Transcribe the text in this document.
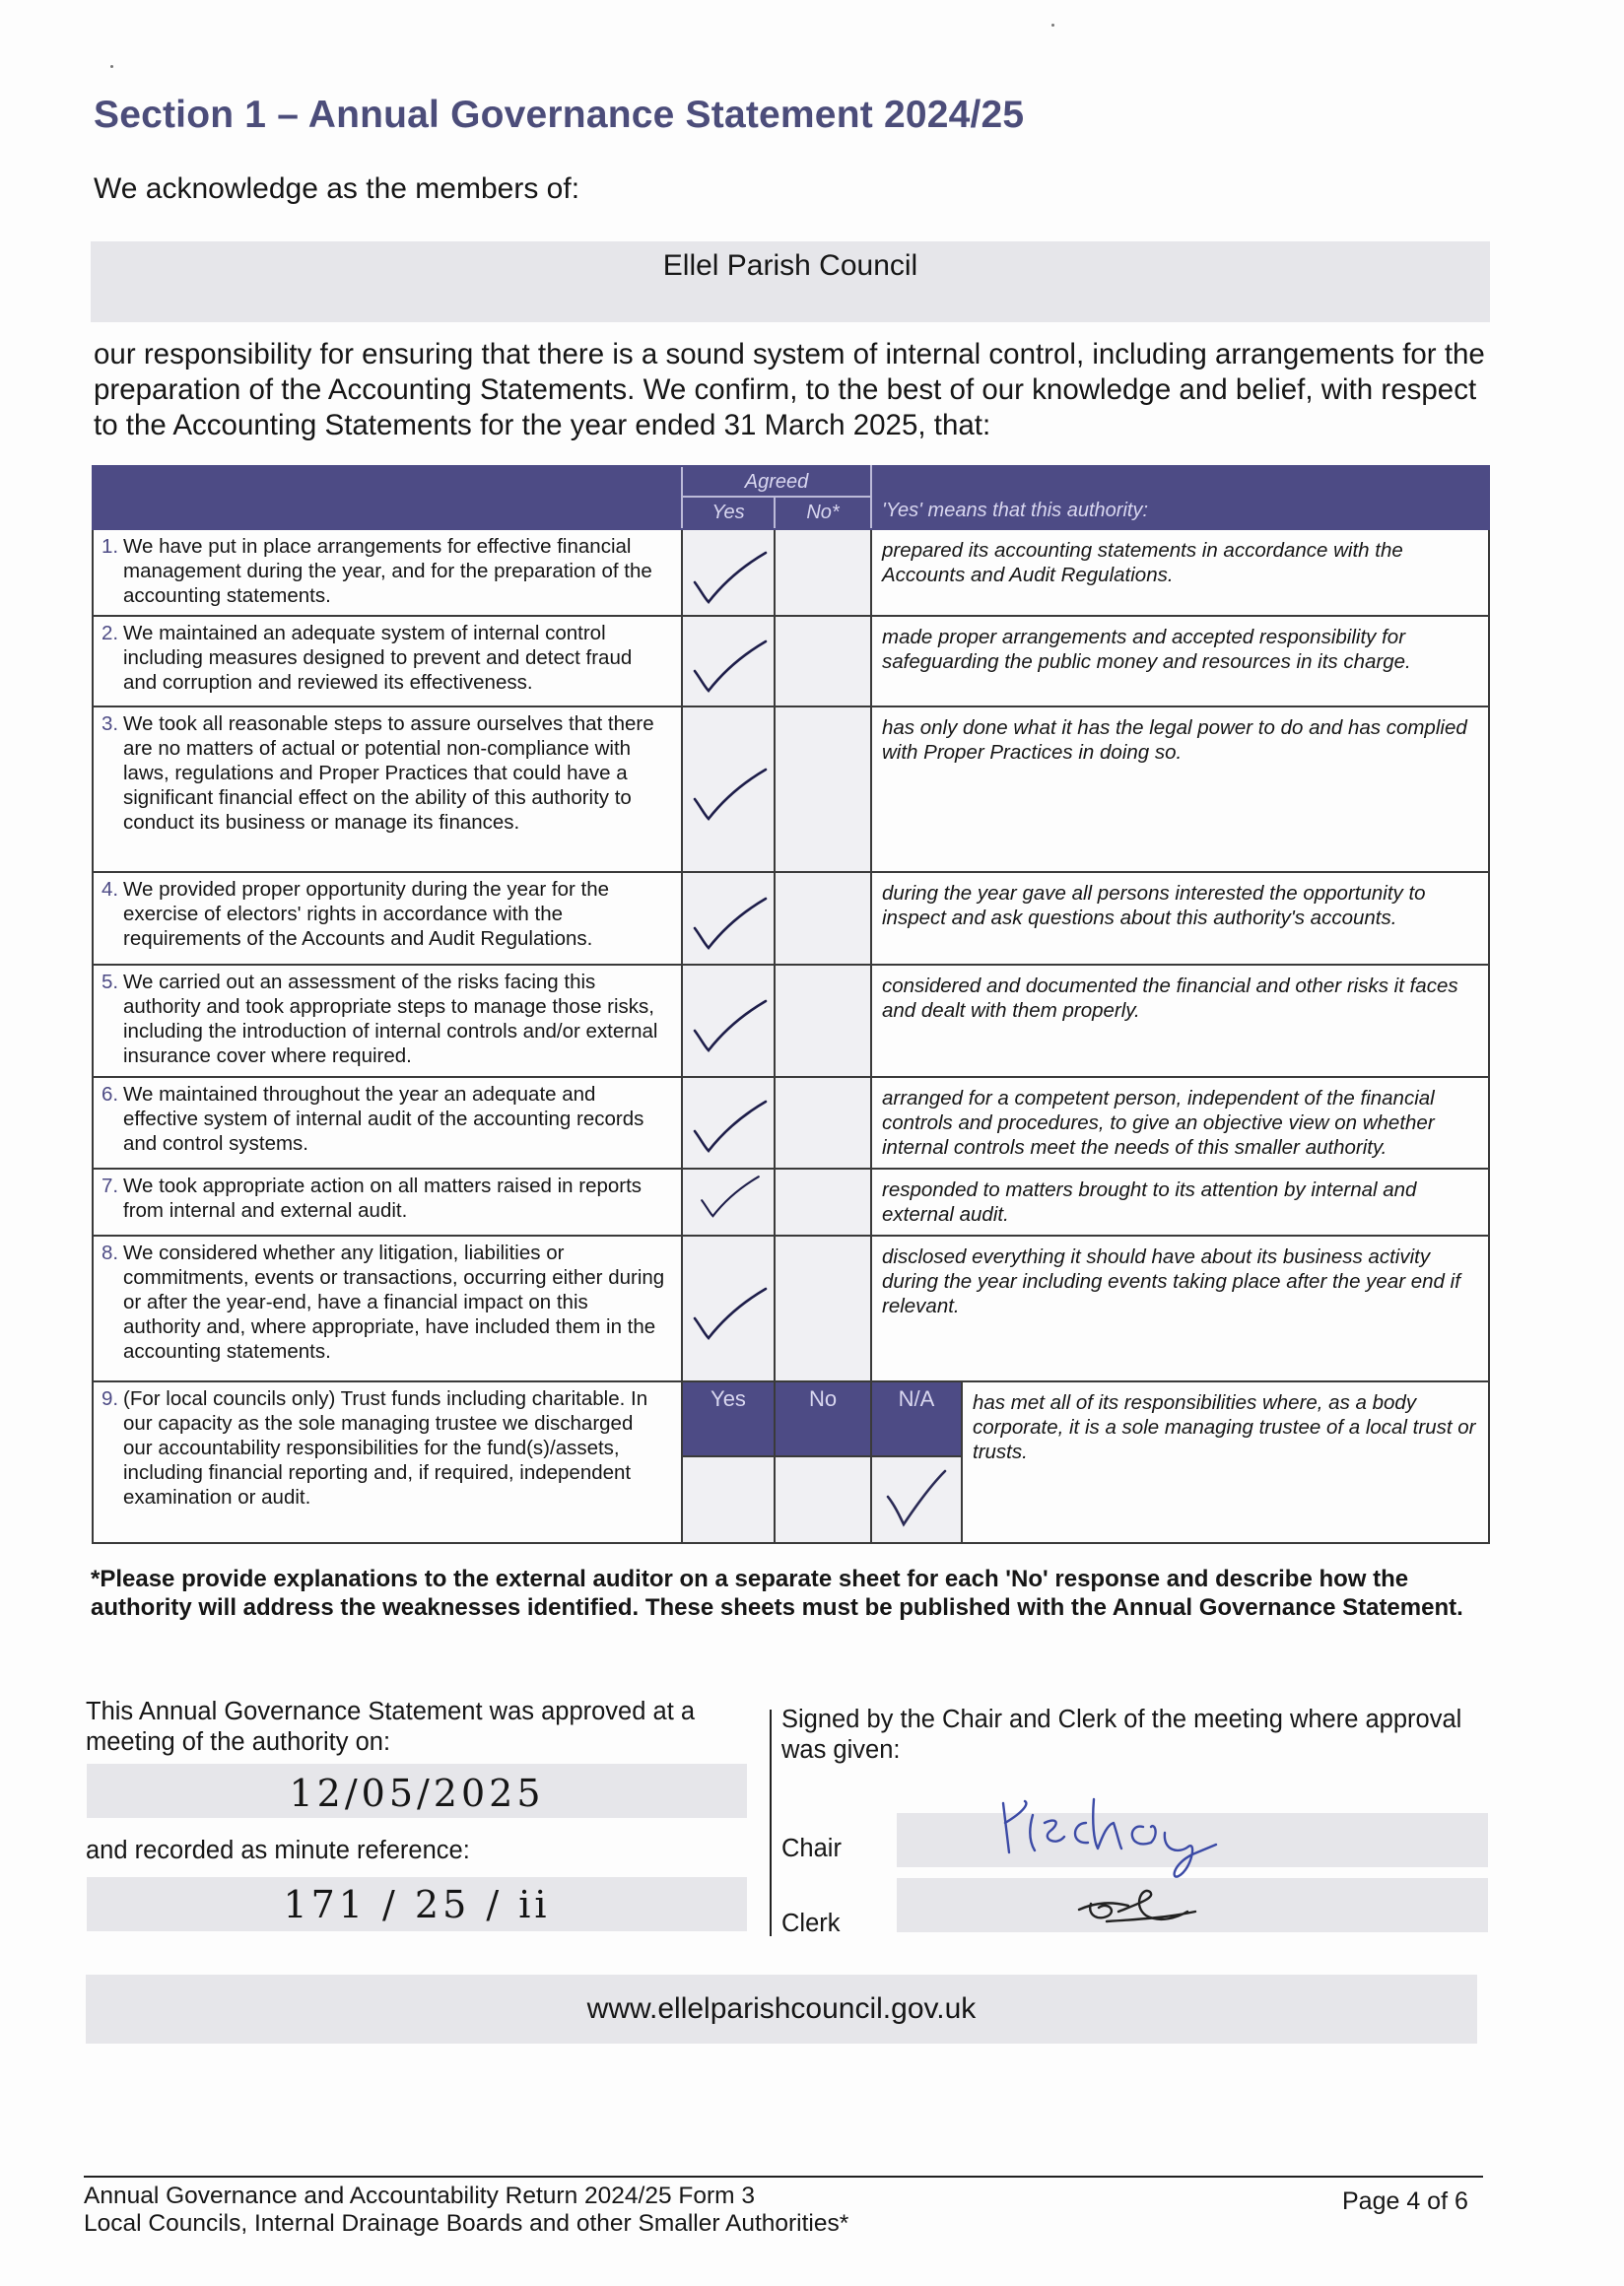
Section 1 – Annual Governance Statement 2024/25
We acknowledge as the members of:
Ellel Parish Council
our responsibility for ensuring that there is a sound system of internal control, including arrangements for the preparation of the Accounting Statements. We confirm, to the best of our knowledge and belief, with respect to the Accounting Statements for the year ended 31 March 2025, that:

	Agreed
Yes No*		'Yes' means that this authority:	

1. We have put in place arrangements for effective financial management during the year, and for the preparation of the accounting statements.			prepared its accounting statements in accordance with the Accounts and Audit Regulations.	
2. We maintained an adequate system of internal control including measures designed to prevent and detect fraud and corruption and reviewed its effectiveness.			made proper arrangements and accepted responsibility for safeguarding the public money and resources in its charge.	
3. We took all reasonable steps to assure ourselves that there are no matters of actual or potential non-compliance with laws, regulations and Proper Practices that could have a significant financial effect on the ability of this authority to conduct its business or manage its finances.			has only done what it has the legal power to do and has complied with Proper Practices in doing so.	
4. We provided proper opportunity during the year for the exercise of electors' rights in accordance with the requirements of the Accounts and Audit Regulations.			during the year gave all persons interested the opportunity to inspect and ask questions about this authority's accounts.	
5. We carried out an assessment of the risks facing this authority and took appropriate steps to manage those risks, including the introduction of internal controls and/or external insurance cover where required.			considered and documented the financial and other risks it faces and dealt with them properly.	
6. We maintained throughout the year an adequate and effective system of internal audit of the accounting records and control systems.			arranged for a competent person, independent of the financial controls and procedures, to give an objective view on whether internal controls meet the needs of this smaller authority.	
7. We took appropriate action on all matters raised in reports from internal and external audit.			responded to matters brought to its attention by internal and external audit.	
8. We considered whether any litigation, liabilities or commitments, events or transactions, occurring either during or after the year-end, have a financial impact on this authority and, where appropriate, have included them in the accounting statements.			disclosed everything it should have about its business activity during the year including events taking place after the year end if relevant.	
9. (For local councils only) Trust funds including charitable. In our capacity as the sole managing trustee we discharged our accountability responsibilities for the fund(s)/assets, including financial reporting and, if required, independent examination or audit.	Yes	No	N/A	has met all of its responsibilities where, as a body corporate, it is a sole managing trustee of a local trust or trusts.
*Please provide explanations to the external auditor on a separate sheet for each 'No' response and describe how the authority will address the weaknesses identified. These sheets must be published with the Annual Governance Statement.
This Annual Governance Statement was approved at a meeting of the authority on:
12/05/2025
and recorded as minute reference:
171 / 25 / ii
Signed by the Chair and Clerk of the meeting where approval was given:
Chair
Clerk
www.ellelparishcouncil.gov.uk
Annual Governance and Accountability Return 2024/25 Form 3
Local Councils, Internal Drainage Boards and other Smaller Authorities*
Page 4 of 6
